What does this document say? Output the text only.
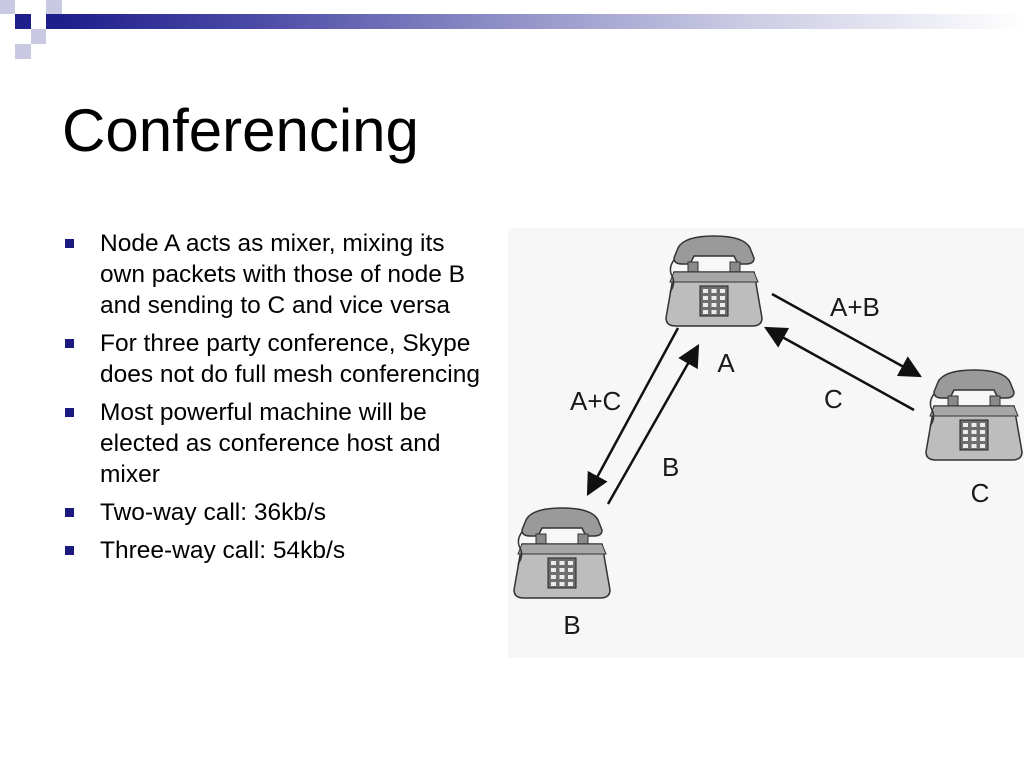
Conferencing
Node A acts as mixer, mixing its own packets with those of node B and sending to C and vice versa
For three party conference, Skype does not do full mesh conferencing
Most powerful machine will be elected as conference host and mixer
Two-way call: 36kb/s
Three-way call: 54kb/s
A
C
B
A+B
C
A+C
B
